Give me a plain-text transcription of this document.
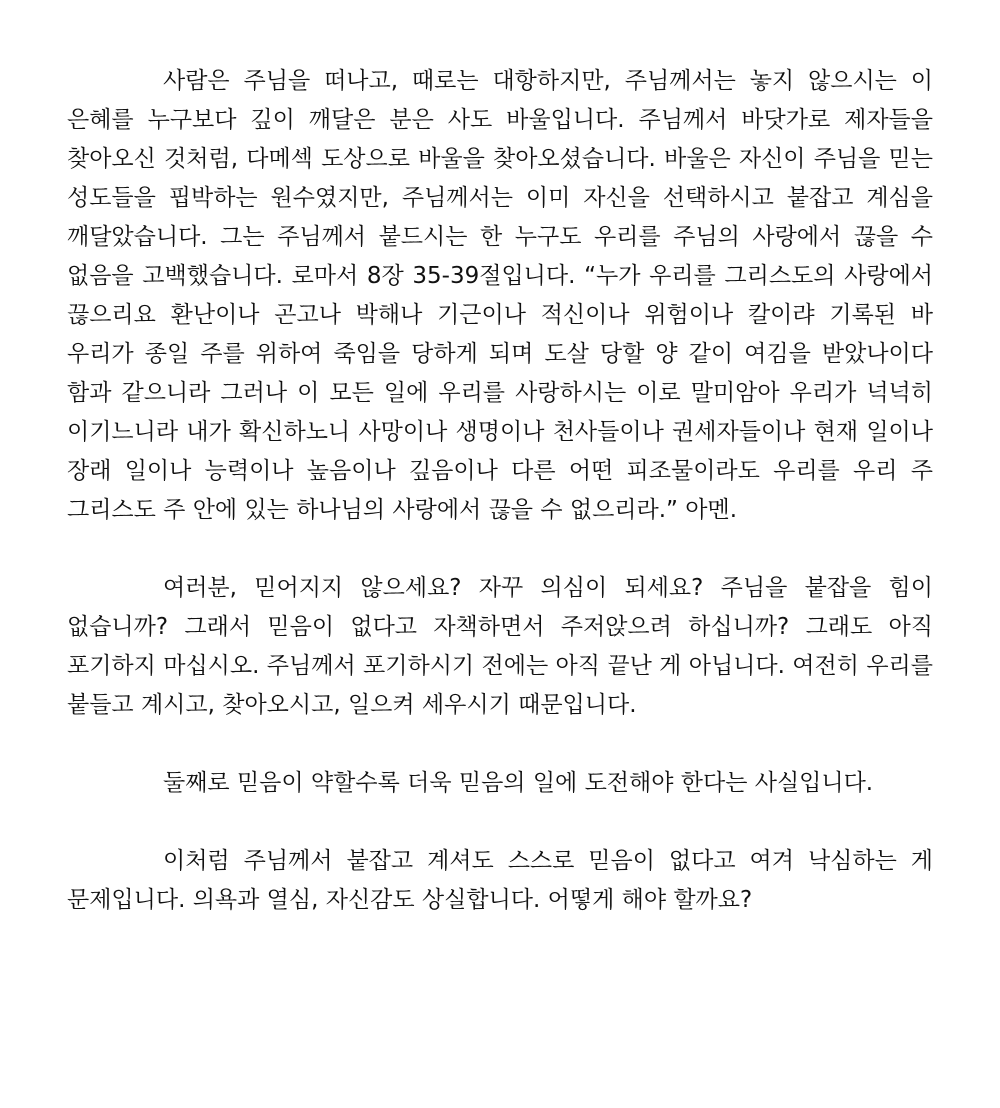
사람은 주님을 떠나고, 때로는 대항하지만, 주님께서는 놓지 않으시는 이 은혜를 누구보다 깊이 깨달은 분은 사도 바울입니다. 주님께서 바닷가로 제자들을 찾아오신 것처럼, 다메섹 도상으로 바울을 찾아오셨습니다. 바울은 자신이 주님을 믿는 성도들을 핍박하는 원수였지만, 주님께서는 이미 자신을 선택하시고 붙잡고 계심을 깨달았습니다. 그는 주님께서 붙드시는 한 누구도 우리를 주님의 사랑에서 끊을 수 없음을 고백했습니다. 로마서 8장 35-39절입니다. “누가 우리를 그리스도의 사랑에서 끊으리요 환난이나 곤고나 박해나 기근이나 적신이나 위험이나 칼이랴 기록된 바 우리가 종일 주를 위하여 죽임을 당하게 되며 도살 당할 양 같이 여김을 받았나이다 함과 같으니라 그러나 이 모든 일에 우리를 사랑하시는 이로 말미암아 우리가 넉넉히 이기느니라 내가 확신하노니 사망이나 생명이나 천사들이나 권세자들이나 현재 일이나 장래 일이나 능력이나 높음이나 깊음이나 다른 어떤 피조물이라도 우리를 우리 주 그리스도 주 안에 있는 하나님의 사랑에서 끊을 수 없으리라.” 아멘.

여러분, 믿어지지 않으세요? 자꾸 의심이 되세요? 주님을 붙잡을 힘이 없습니까? 그래서 믿음이 없다고 자책하면서 주저앉으려 하십니까? 그래도 아직 포기하지 마십시오. 주님께서 포기하시기 전에는 아직 끝난 게 아닙니다. 여전히 우리를 붙들고 계시고, 찾아오시고, 일으켜 세우시기 때문입니다.

둘째로 믿음이 약할수록 더욱 믿음의 일에 도전해야 한다는 사실입니다.

이처럼 주님께서 붙잡고 계셔도 스스로 믿음이 없다고 여겨 낙심하는 게 문제입니다. 의욕과 열심, 자신감도 상실합니다. 어떻게 해야 할까요?
